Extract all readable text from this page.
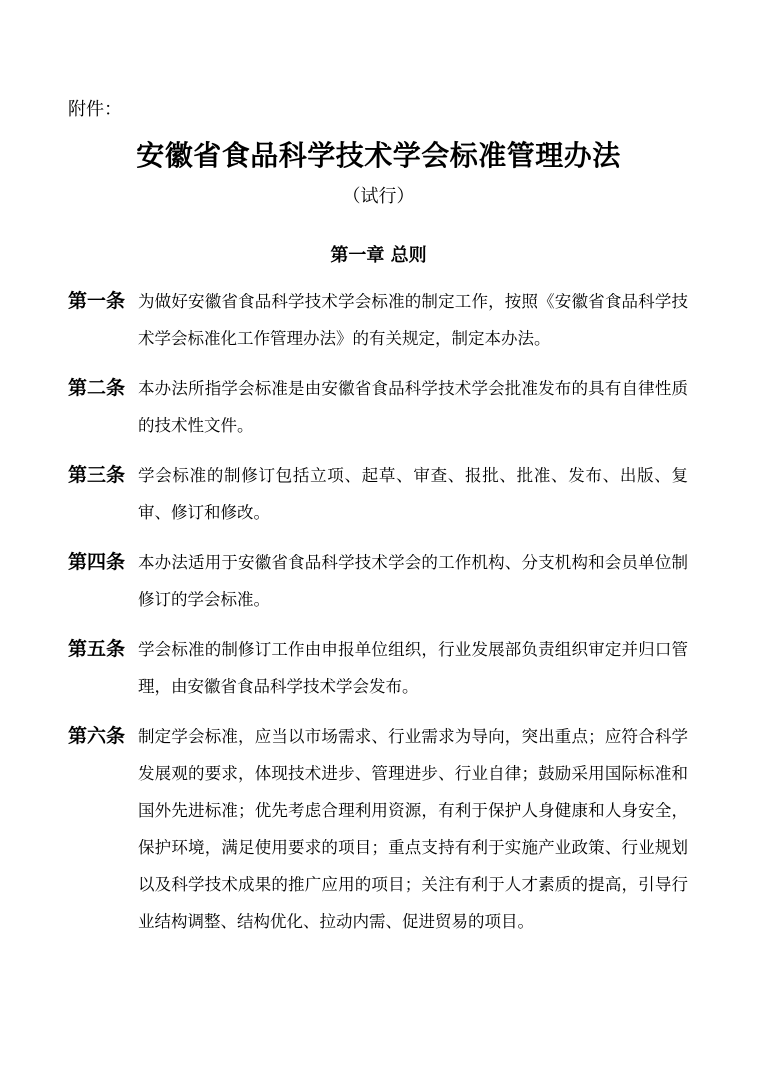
附件：
安徽省食品科学技术学会标准管理办法
（试行）
第一章 总则
第一条 为做好安徽省食品科学技术学会标准的制定工作，按照《安徽省食品科学技术学会标准化工作管理办法》的有关规定，制定本办法。
第二条 本办法所指学会标准是由安徽省食品科学技术学会批准发布的具有自律性质的技术性文件。
第三条 学会标准的制修订包括立项、起草、审查、报批、批准、发布、出版、复审、修订和修改。
第四条 本办法适用于安徽省食品科学技术学会的工作机构、分支机构和会员单位制修订的学会标准。
第五条 学会标准的制修订工作由申报单位组织，行业发展部负责组织审定并归口管理，由安徽省食品科学技术学会发布。
第六条 制定学会标准，应当以市场需求、行业需求为导向，突出重点；应符合科学发展观的要求，体现技术进步、管理进步、行业自律；鼓励采用国际标准和国外先进标准；优先考虑合理利用资源，有利于保护人身健康和人身安全，保护环境，满足使用要求的项目；重点支持有利于实施产业政策、行业规划以及科学技术成果的推广应用的项目；关注有利于人才素质的提高，引导行业结构调整、结构优化、拉动内需、促进贸易的项目。
